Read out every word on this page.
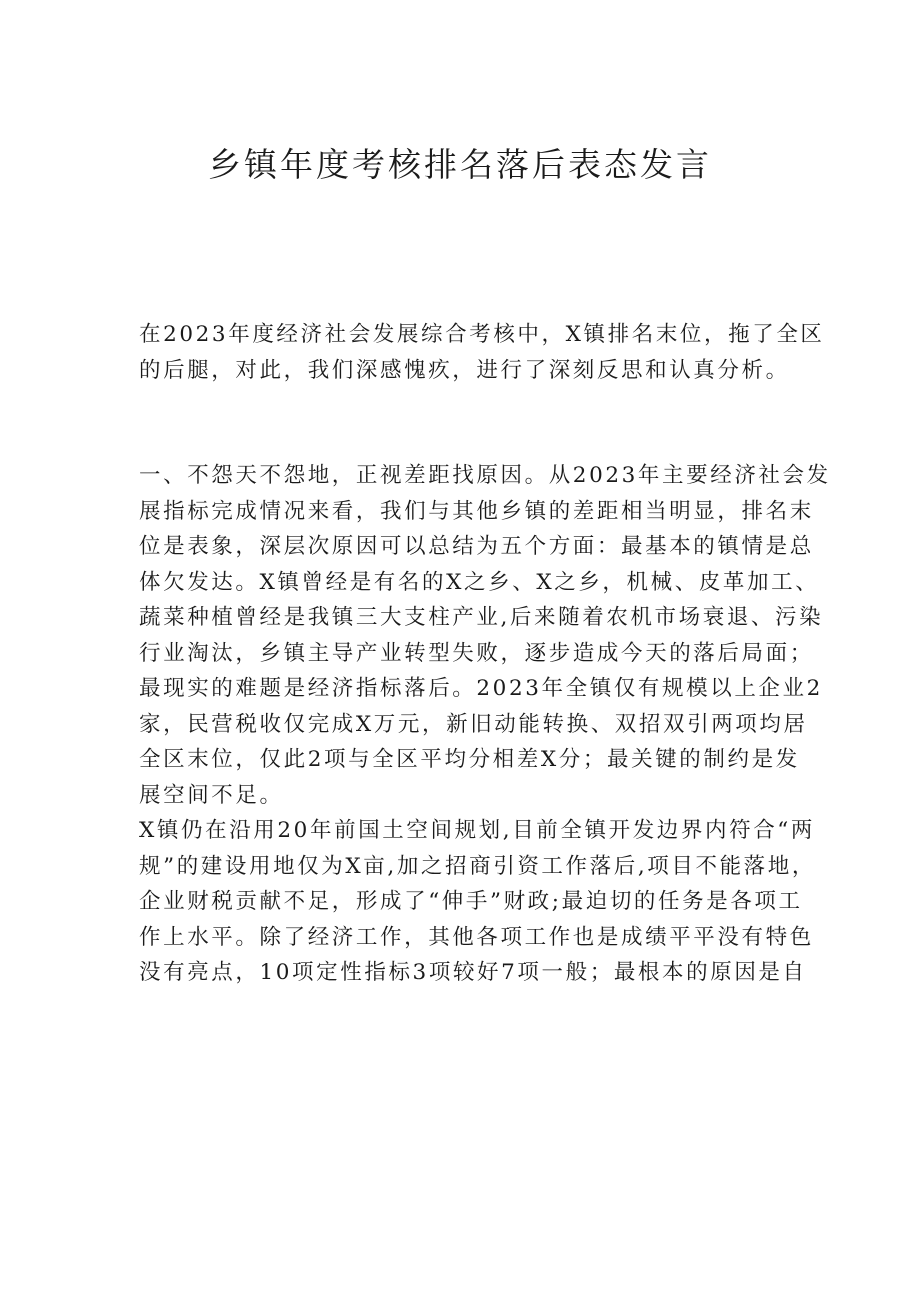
乡镇年度考核排名落后表态发言
在2023年度经济社会发展综合考核中，X镇排名末位，拖了全区
的后腿，对此，我们深感愧疚，进行了深刻反思和认真分析。
一、不怨天不怨地，正视差距找原因。从2023年主要经济社会发
展指标完成情况来看，我们与其他乡镇的差距相当明显，排名末
位是表象，深层次原因可以总结为五个方面：最基本的镇情是总
体欠发达。X镇曾经是有名的X之乡、X之乡，机械、皮革加工、
蔬菜种植曾经是我镇三大支柱产业,后来随着农机市场衰退、污染
行业淘汰，乡镇主导产业转型失败，逐步造成今天的落后局面；
最现实的难题是经济指标落后。2023年全镇仅有规模以上企业2
家，民营税收仅完成X万元，新旧动能转换、双招双引两项均居
全区末位，仅此2项与全区平均分相差X分；最关键的制约是发
展空间不足。
X镇仍在沿用20年前国土空间规划,目前全镇开发边界内符合“两
规”的建设用地仅为X亩,加之招商引资工作落后,项目不能落地，
企业财税贡献不足，形成了“伸手”财政;最迫切的任务是各项工
作上水平。除了经济工作，其他各项工作也是成绩平平没有特色
没有亮点，10项定性指标3项较好7项一般；最根本的原因是自
